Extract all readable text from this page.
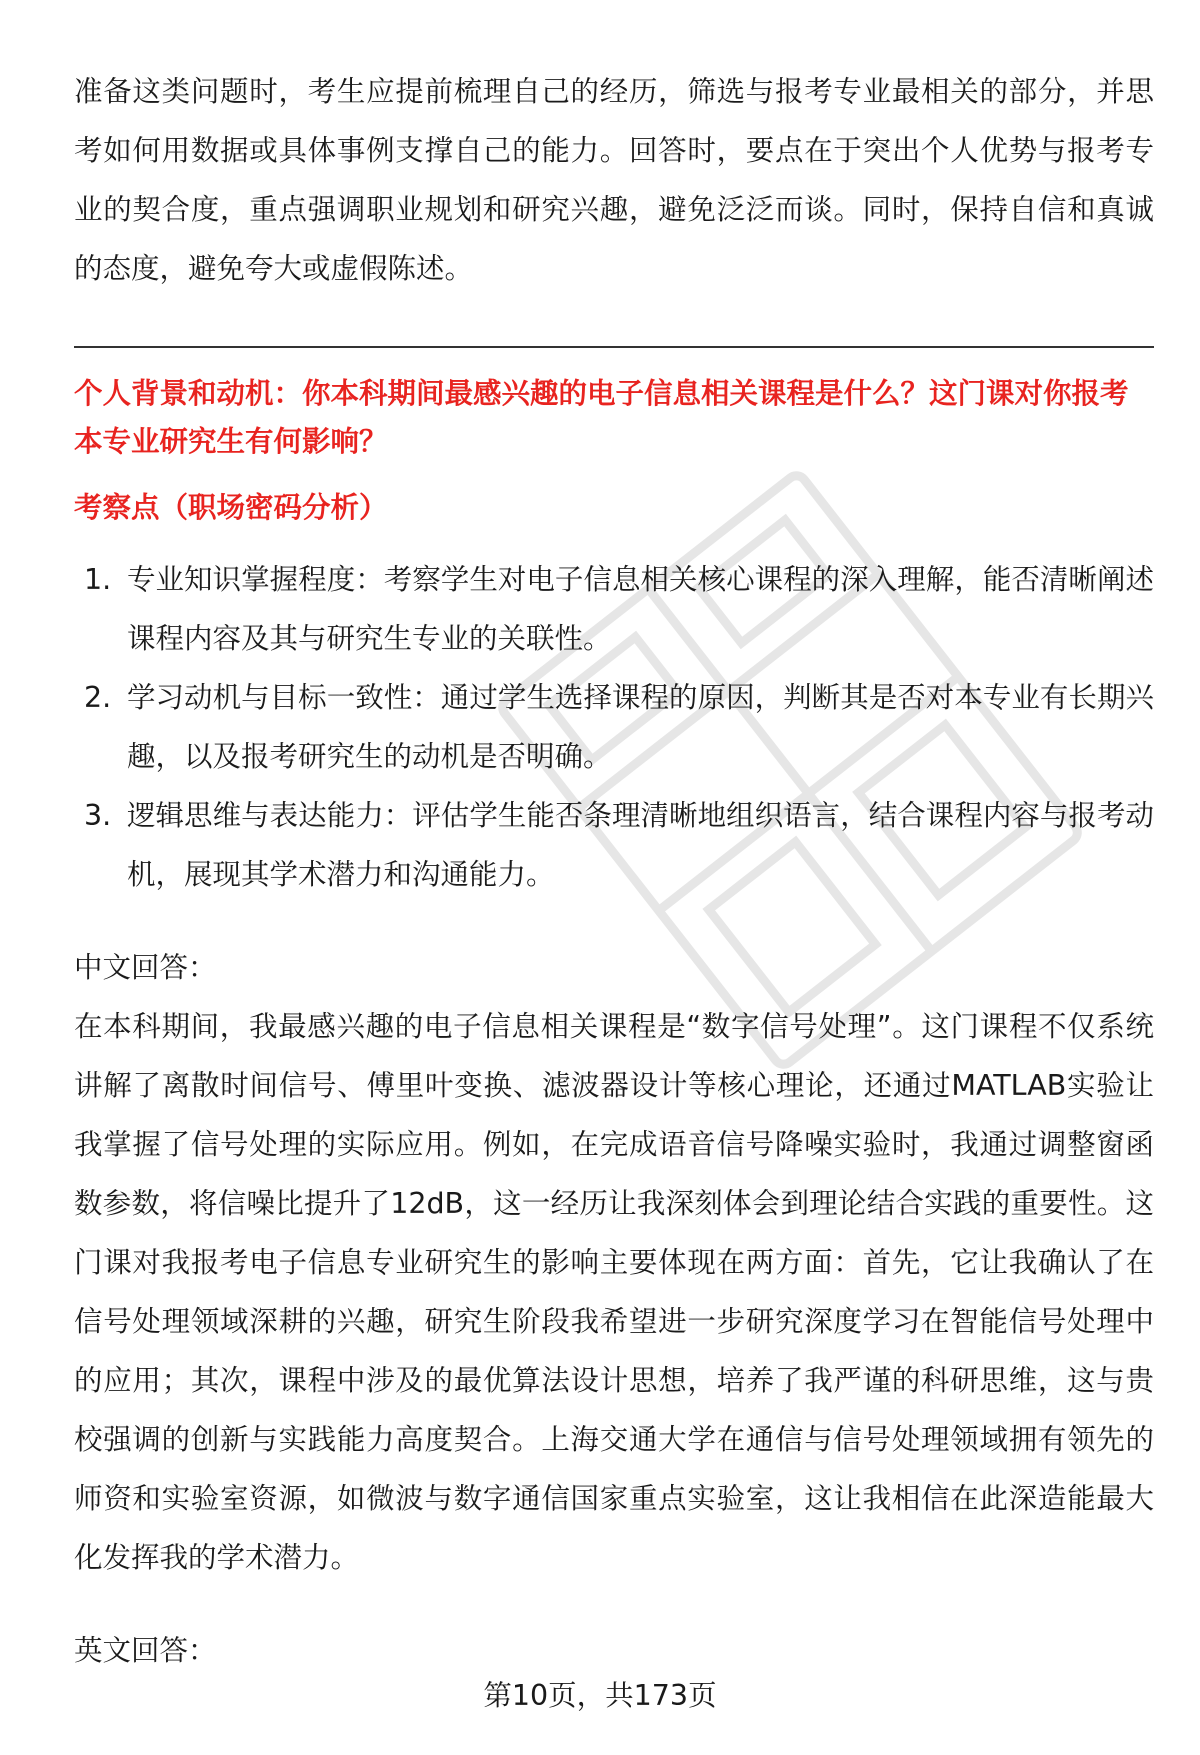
准备这类问题时，考生应提前梳理自己的经历，筛选与报考专业最相关的部分，并思考如何用数据或具体事例支撑自己的能力。回答时，要点在于突出个人优势与报考专业的契合度，重点强调职业规划和研究兴趣，避免泛泛而谈。同时，保持自信和真诚的态度，避免夸大或虚假陈述。

个人背景和动机：你本科期间最感兴趣的电子信息相关课程是什么？这门课对你报考本专业研究生有何影响？

考察点（职场密码分析）

1. 专业知识掌握程度：考察学生对电子信息相关核心课程的深入理解，能否清晰阐述课程内容及其与研究生专业的关联性。
2. 学习动机与目标一致性：通过学生选择课程的原因，判断其是否对本专业有长期兴趣，以及报考研究生的动机是否明确。
3. 逻辑思维与表达能力：评估学生能否条理清晰地组织语言，结合课程内容与报考动机，展现其学术潜力和沟通能力。

中文回答：

在本科期间，我最感兴趣的电子信息相关课程是“数字信号处理”。这门课程不仅系统讲解了离散时间信号、傅里叶变换、滤波器设计等核心理论，还通过MATLAB实验让我掌握了信号处理的实际应用。例如，在完成语音信号降噪实验时，我通过调整窗函数参数，将信噪比提升了12dB，这一经历让我深刻体会到理论结合实践的重要性。这门课对我报考电子信息专业研究生的影响主要体现在两方面：首先，它让我确认了在信号处理领域深耕的兴趣，研究生阶段我希望进一步研究深度学习在智能信号处理中的应用；其次，课程中涉及的最优算法设计思想，培养了我严谨的科研思维，这与贵校强调的创新与实践能力高度契合。上海交通大学在通信与信号处理领域拥有领先的师资和实验室资源，如微波与数字通信国家重点实验室，这让我相信在此深造能最大化发挥我的学术潜力。

英文回答：

第10页，共173页
